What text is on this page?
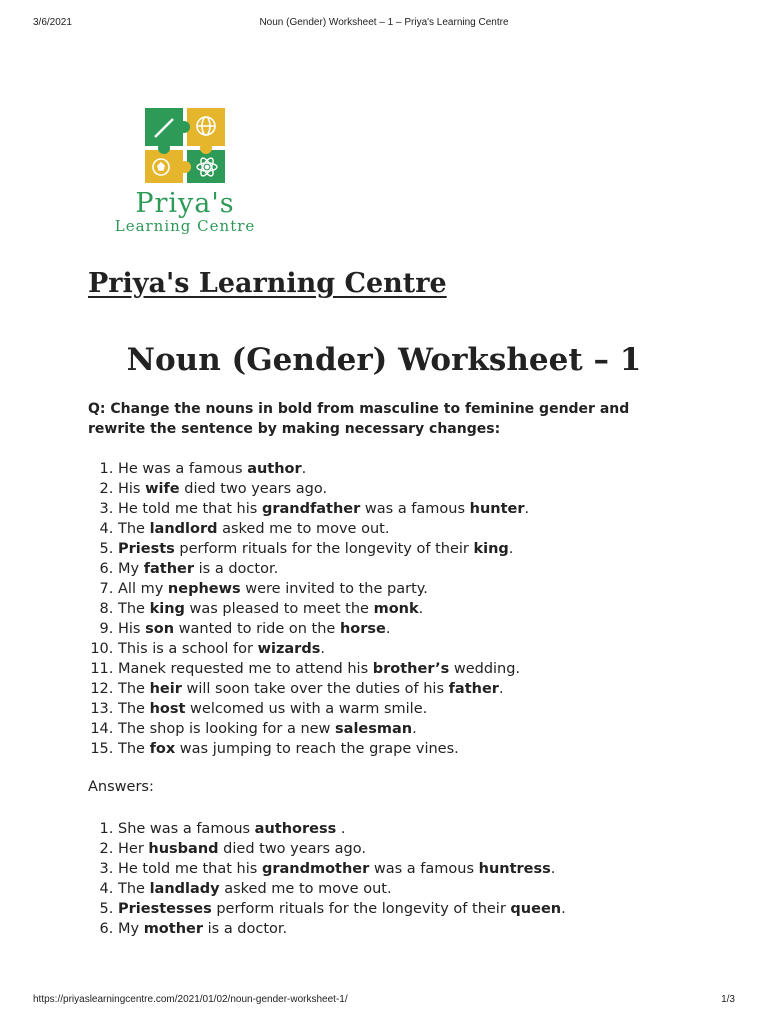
3/6/2021	Noun (Gender) Worksheet – 1 – Priya's Learning Centre
Priya's
Learning Centre
Priya's Learning Centre
Noun (Gender) Worksheet – 1
Q: Change the nouns in bold from masculine to feminine gender and rewrite the sentence by making necessary changes:
1. He was a famous author.
2. His wife died two years ago.
3. He told me that his grandfather was a famous hunter.
4. The landlord asked me to move out.
5. Priests perform rituals for the longevity of their king.
6. My father is a doctor.
7. All my nephews were invited to the party.
8. The king was pleased to meet the monk.
9. His son wanted to ride on the horse.
10. This is a school for wizards.
11. Manek requested me to attend his brother’s wedding.
12. The heir will soon take over the duties of his father.
13. The host welcomed us with a warm smile.
14. The shop is looking for a new salesman.
15. The fox was jumping to reach the grape vines.
Answers:
1. She was a famous authoress .
2. Her husband died two years ago.
3. He told me that his grandmother was a famous huntress.
4. The landlady asked me to move out.
5. Priestesses perform rituals for the longevity of their queen.
6. My mother is a doctor.
https://priyaslearningcentre.com/2021/01/02/noun-gender-worksheet-1/	1/3
